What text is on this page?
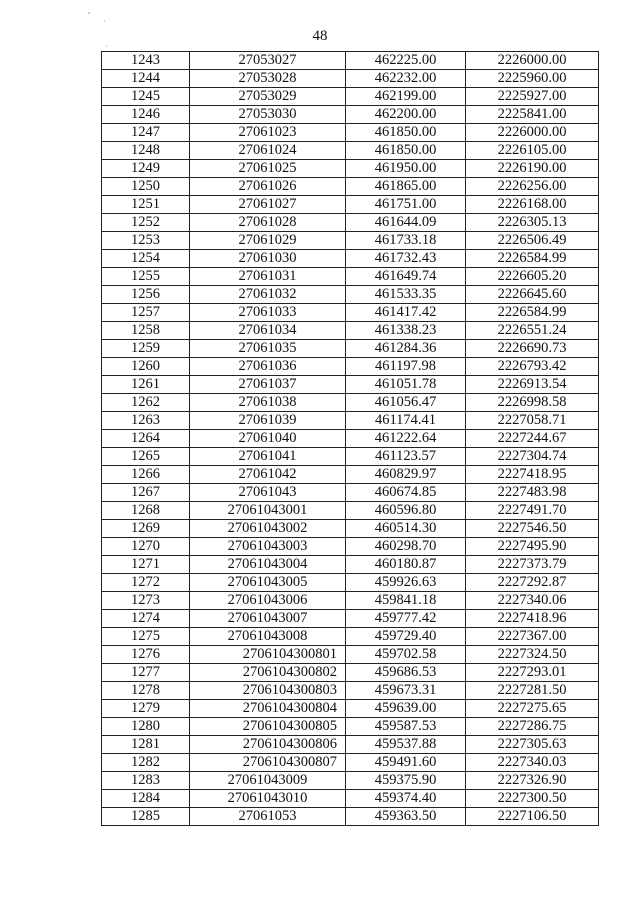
48
1243	27053027	462225.00	2226000.00
1244	27053028	462232.00	2225960.00
1245	27053029	462199.00	2225927.00
1246	27053030	462200.00	2225841.00
1247	27061023	461850.00	2226000.00
1248	27061024	461850.00	2226105.00
1249	27061025	461950.00	2226190.00
1250	27061026	461865.00	2226256.00
1251	27061027	461751.00	2226168.00
1252	27061028	461644.09	2226305.13
1253	27061029	461733.18	2226506.49
1254	27061030	461732.43	2226584.99
1255	27061031	461649.74	2226605.20
1256	27061032	461533.35	2226645.60
1257	27061033	461417.42	2226584.99
1258	27061034	461338.23	2226551.24
1259	27061035	461284.36	2226690.73
1260	27061036	461197.98	2226793.42
1261	27061037	461051.78	2226913.54
1262	27061038	461056.47	2226998.58
1263	27061039	461174.41	2227058.71
1264	27061040	461222.64	2227244.67
1265	27061041	461123.57	2227304.74
1266	27061042	460829.97	2227418.95
1267	27061043	460674.85	2227483.98
1268	27061043001	460596.80	2227491.70
1269	27061043002	460514.30	2227546.50
1270	27061043003	460298.70	2227495.90
1271	27061043004	460180.87	2227373.79
1272	27061043005	459926.63	2227292.87
1273	27061043006	459841.18	2227340.06
1274	27061043007	459777.42	2227418.96
1275	27061043008	459729.40	2227367.00
1276	2706104300801	459702.58	2227324.50
1277	2706104300802	459686.53	2227293.01
1278	2706104300803	459673.31	2227281.50
1279	2706104300804	459639.00	2227275.65
1280	2706104300805	459587.53	2227286.75
1281	2706104300806	459537.88	2227305.63
1282	2706104300807	459491.60	2227340.03
1283	27061043009	459375.90	2227326.90
1284	27061043010	459374.40	2227300.50
1285	27061053	459363.50	2227106.50
